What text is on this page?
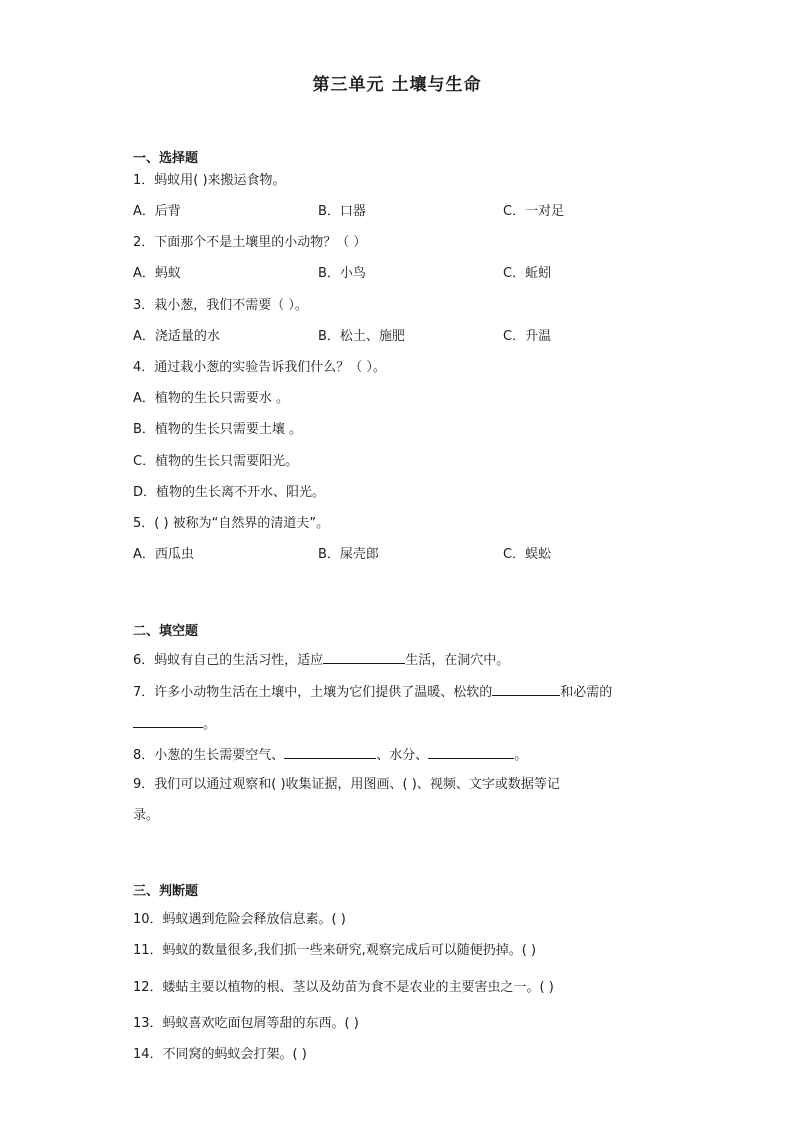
第三单元 土壤与生命
一、选择题
1．蚂蚁用( )来搬运食物。
A．后背	B．口器	C．一对足
2．下面那个不是土壤里的小动物？（ ）
A．蚂蚁	B．小鸟	C．蚯蚓
3．栽小葱，我们不需要（ ）。
A．浇适量的水	B．松土、施肥	C．升温
4．通过栽小葱的实验告诉我们什么？（ ）。
A．植物的生长只需要水 。
B．植物的生长只需要土壤 。
C．植物的生长只需要阳光。
D．植物的生长离不开水、阳光。
5．( ) 被称为“自然界的清道夫”。
A．西瓜虫	B．屎壳郎	C．蜈蚣
二、填空题
6．蚂蚁有自己的生活习性，适应	生活，在洞穴中。
7．许多小动物生活在土壤中，土壤为它们提供了温暖、松软的	和必需的
。
8．小葱的生长需要空气、	、水分、	。
9．我们可以通过观察和( )收集证据，用图画、( )、视频、文字或数据等记
录。
三、判断题
10．蚂蚁遇到危险会释放信息素。( )
11．蚂蚁的数量很多,我们抓一些来研究,观察完成后可以随便扔掉。( )
12．蝼蛄主要以植物的根、茎以及幼苗为食不是农业的主要害虫之一。( )
13．蚂蚁喜欢吃面包屑等甜的东西。( )
14．不同窝的蚂蚁会打架。( )
